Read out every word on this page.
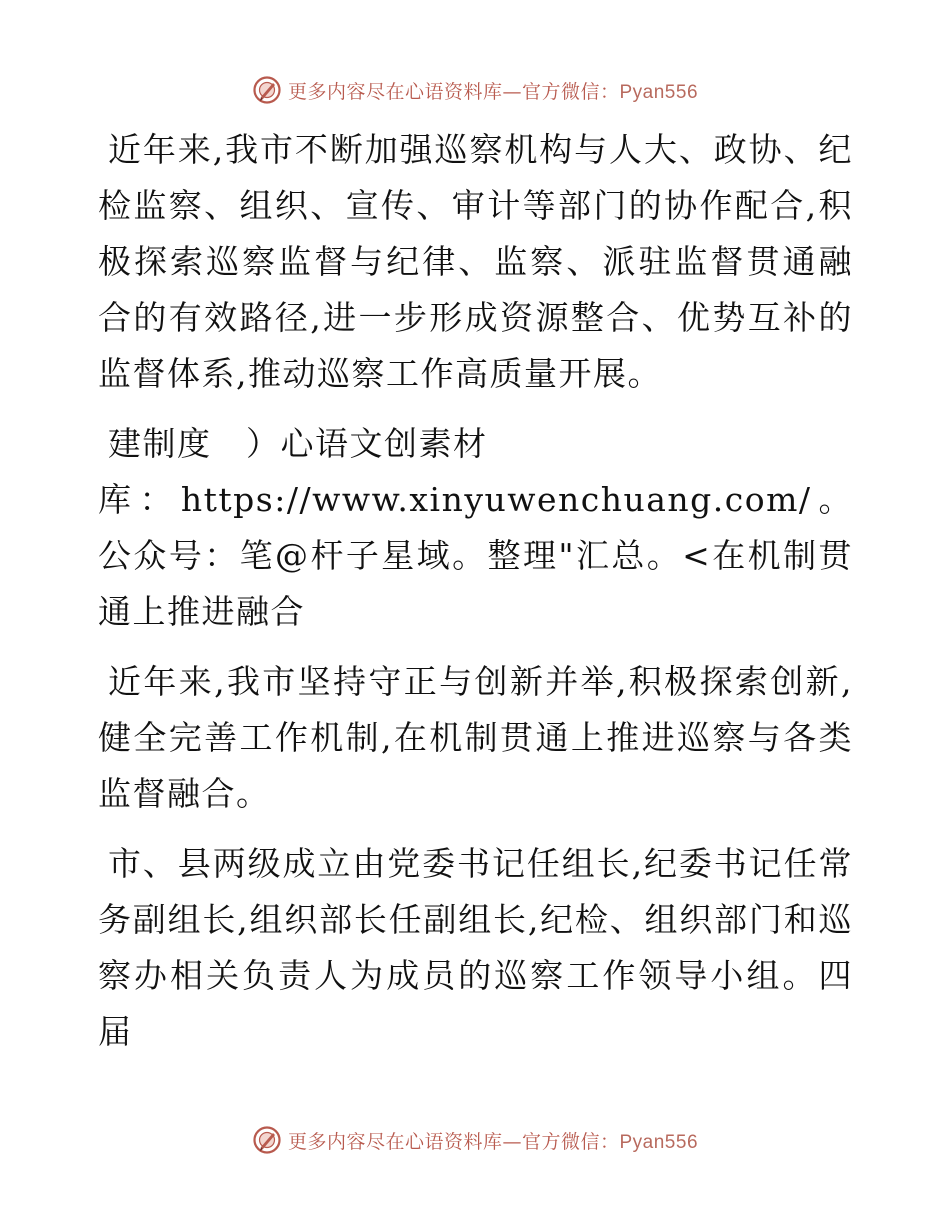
更多内容尽在心语资料库—官方微信：Pyan556

近年来,我市不断加强巡察机构与人大、政协、纪检监察、组织、宣传、审计等部门的协作配合,积极探索巡察监督与纪律、监察、派驻监督贯通融合的有效路径,进一步形成资源整合、优势互补的监督体系,推动巡察工作高质量开展。

建制度　）心语文创素材

库：https://www.xinyuwenchuang.com/。公众号：笔@杆子星域。整理"汇总。<在机制贯通上推进融合

近年来,我市坚持守正与创新并举,积极探索创新,健全完善工作机制,在机制贯通上推进巡察与各类监督融合。

市、县两级成立由党委书记任组长,纪委书记任常务副组长,组织部长任副组长,纪检、组织部门和巡察办相关负责人为成员的巡察工作领导小组。四届

更多内容尽在心语资料库—官方微信：Pyan556
